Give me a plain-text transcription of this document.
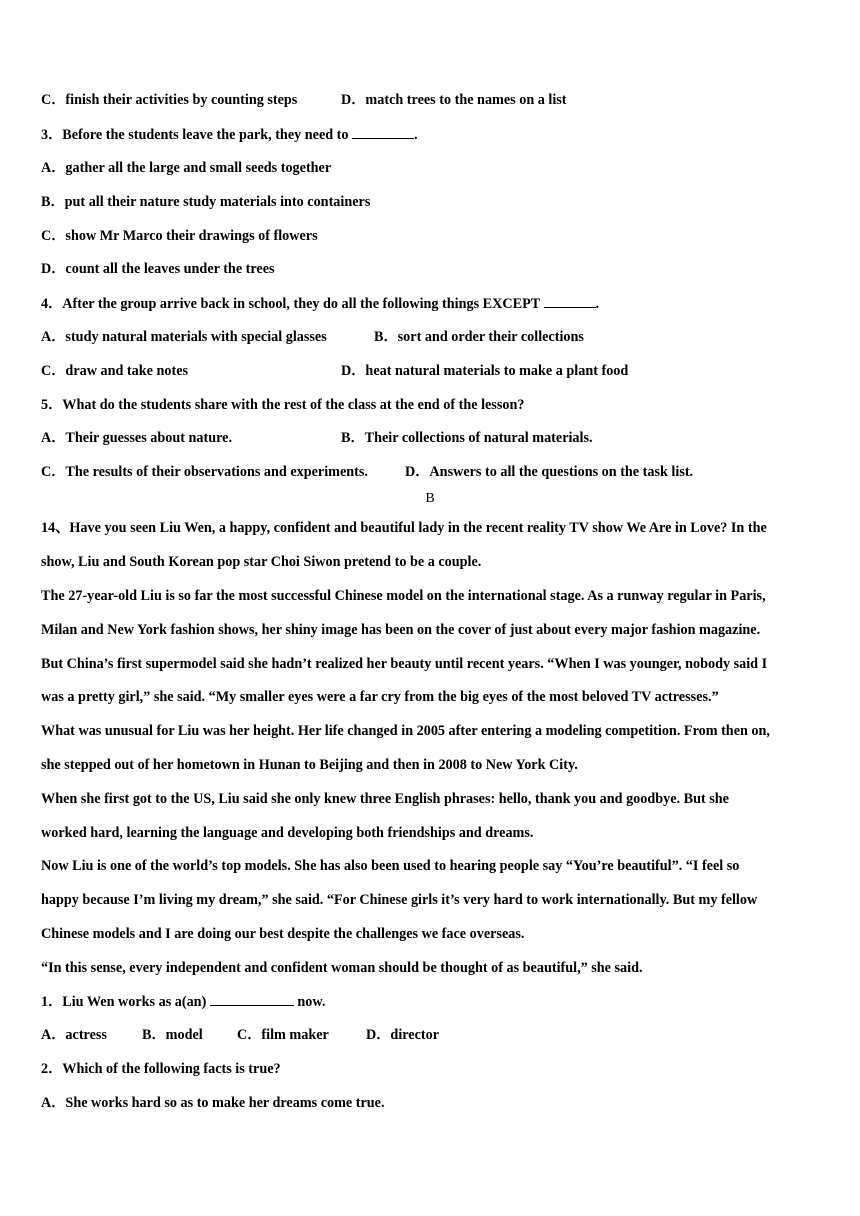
C．finish their activities by counting steps	D．match trees to the names on a list
3．Before the students leave the park, they need to	.
A．gather all the large and small seeds together
B．put all their nature study materials into containers
C．show Mr Marco their drawings of flowers
D．count all the leaves under the trees
4．After the group arrive back in school, they do all the following things EXCEPT	.
A．study natural materials with special glasses	B．sort and order their collections
C．draw and take notes	D．heat natural materials to make a plant food
5．What do the students share with the rest of the class at the end of the lesson?
A．Their guesses about nature.	B．Their collections of natural materials.
C．The results of their observations and experiments.	D．Answers to all the questions on the task list.
B
14、Have you seen Liu Wen, a happy, confident and beautiful lady in the recent reality TV show We Are in Love? In the
show, Liu and South Korean pop star Choi Siwon pretend to be a couple.
The 27-year-old Liu is so far the most successful Chinese model on the international stage. As a runway regular in Paris,
Milan and New York fashion shows, her shiny image has been on the cover of just about every major fashion magazine.
But China’s first supermodel said she hadn’t realized her beauty until recent years. “When I was younger, nobody said I
was a pretty girl,” she said. “My smaller eyes were a far cry from the big eyes of the most beloved TV actresses.”
What was unusual for Liu was her height. Her life changed in 2005 after entering a modeling competition. From then on,
she stepped out of her hometown in Hunan to Beijing and then in 2008 to New York City.
When she first got to the US, Liu said she only knew three English phrases: hello, thank you and goodbye. But she
worked hard, learning the language and developing both friendships and dreams.
Now Liu is one of the world’s top models. She has also been used to hearing people say “You’re beautiful”. “I feel so
happy because I’m living my dream,” she said. “For Chinese girls it’s very hard to work internationally. But my fellow
Chinese models and I are doing our best despite the challenges we face overseas.
“In this sense, every independent and confident woman should be thought of as beautiful,” she said.
1．Liu Wen works as a(an)	now.
A．actress B．model C．film maker	D．director
2．Which of the following facts is true?
A．She works hard so as to make her dreams come true.
